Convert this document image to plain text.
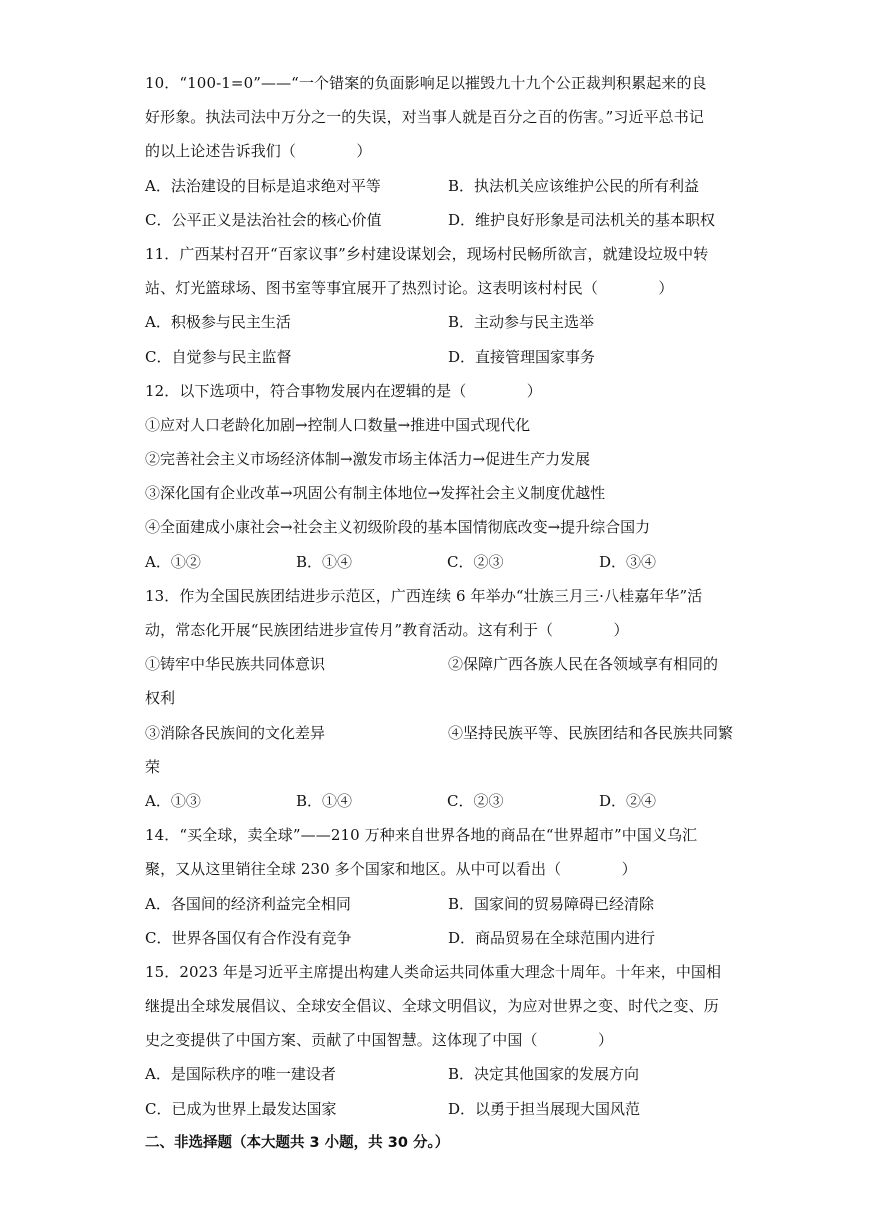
10．“100-1=0”——“一个错案的负面影响足以摧毁九十九个公正裁判积累起来的良
好形象。执法司法中万分之一的失误，对当事人就是百分之百的伤害。”习近平总书记
的以上论述告诉我们（　　　　）
A．法治建设的目标是追求绝对平等	B．执法机关应该维护公民的所有利益
C．公平正义是法治社会的核心价值	D．维护良好形象是司法机关的基本职权
11．广西某村召开“百家议事”乡村建设谋划会，现场村民畅所欲言，就建设垃圾中转
站、灯光篮球场、图书室等事宜展开了热烈讨论。这表明该村村民（　　　　）
A．积极参与民主生活	B．主动参与民主选举
C．自觉参与民主监督	D．直接管理国家事务
12．以下选项中，符合事物发展内在逻辑的是（　　　　）
①应对人口老龄化加剧→控制人口数量→推进中国式现代化
②完善社会主义市场经济体制→激发市场主体活力→促进生产力发展
③深化国有企业改革→巩固公有制主体地位→发挥社会主义制度优越性
④全面建成小康社会→社会主义初级阶段的基本国情彻底改变→提升综合国力
A．①②	B．①④	C．②③	D．③④
13．作为全国民族团结进步示范区，广西连续 6 年举办“壮族三月三·八桂嘉年华”活
动，常态化开展“民族团结进步宣传月”教育活动。这有利于（　　　　）
①铸牢中华民族共同体意识	②保障广西各族人民在各领域享有相同的
权利
③消除各民族间的文化差异	④坚持民族平等、民族团结和各民族共同繁
荣
A．①③	B．①④	C．②③	D．②④
14．“买全球，卖全球”——210 万种来自世界各地的商品在“世界超市”中国义乌汇
聚，又从这里销往全球 230 多个国家和地区。从中可以看出（　　　　）
A．各国间的经济利益完全相同	B．国家间的贸易障碍已经清除
C．世界各国仅有合作没有竞争	D．商品贸易在全球范围内进行
15．2023 年是习近平主席提出构建人类命运共同体重大理念十周年。十年来，中国相
继提出全球发展倡议、全球安全倡议、全球文明倡议，为应对世界之变、时代之变、历
史之变提供了中国方案、贡献了中国智慧。这体现了中国（　　　　）
A．是国际秩序的唯一建设者	B．决定其他国家的发展方向
C．已成为世界上最发达国家	D．以勇于担当展现大国风范
二、非选择题（本大题共 3 小题，共 30 分。）
